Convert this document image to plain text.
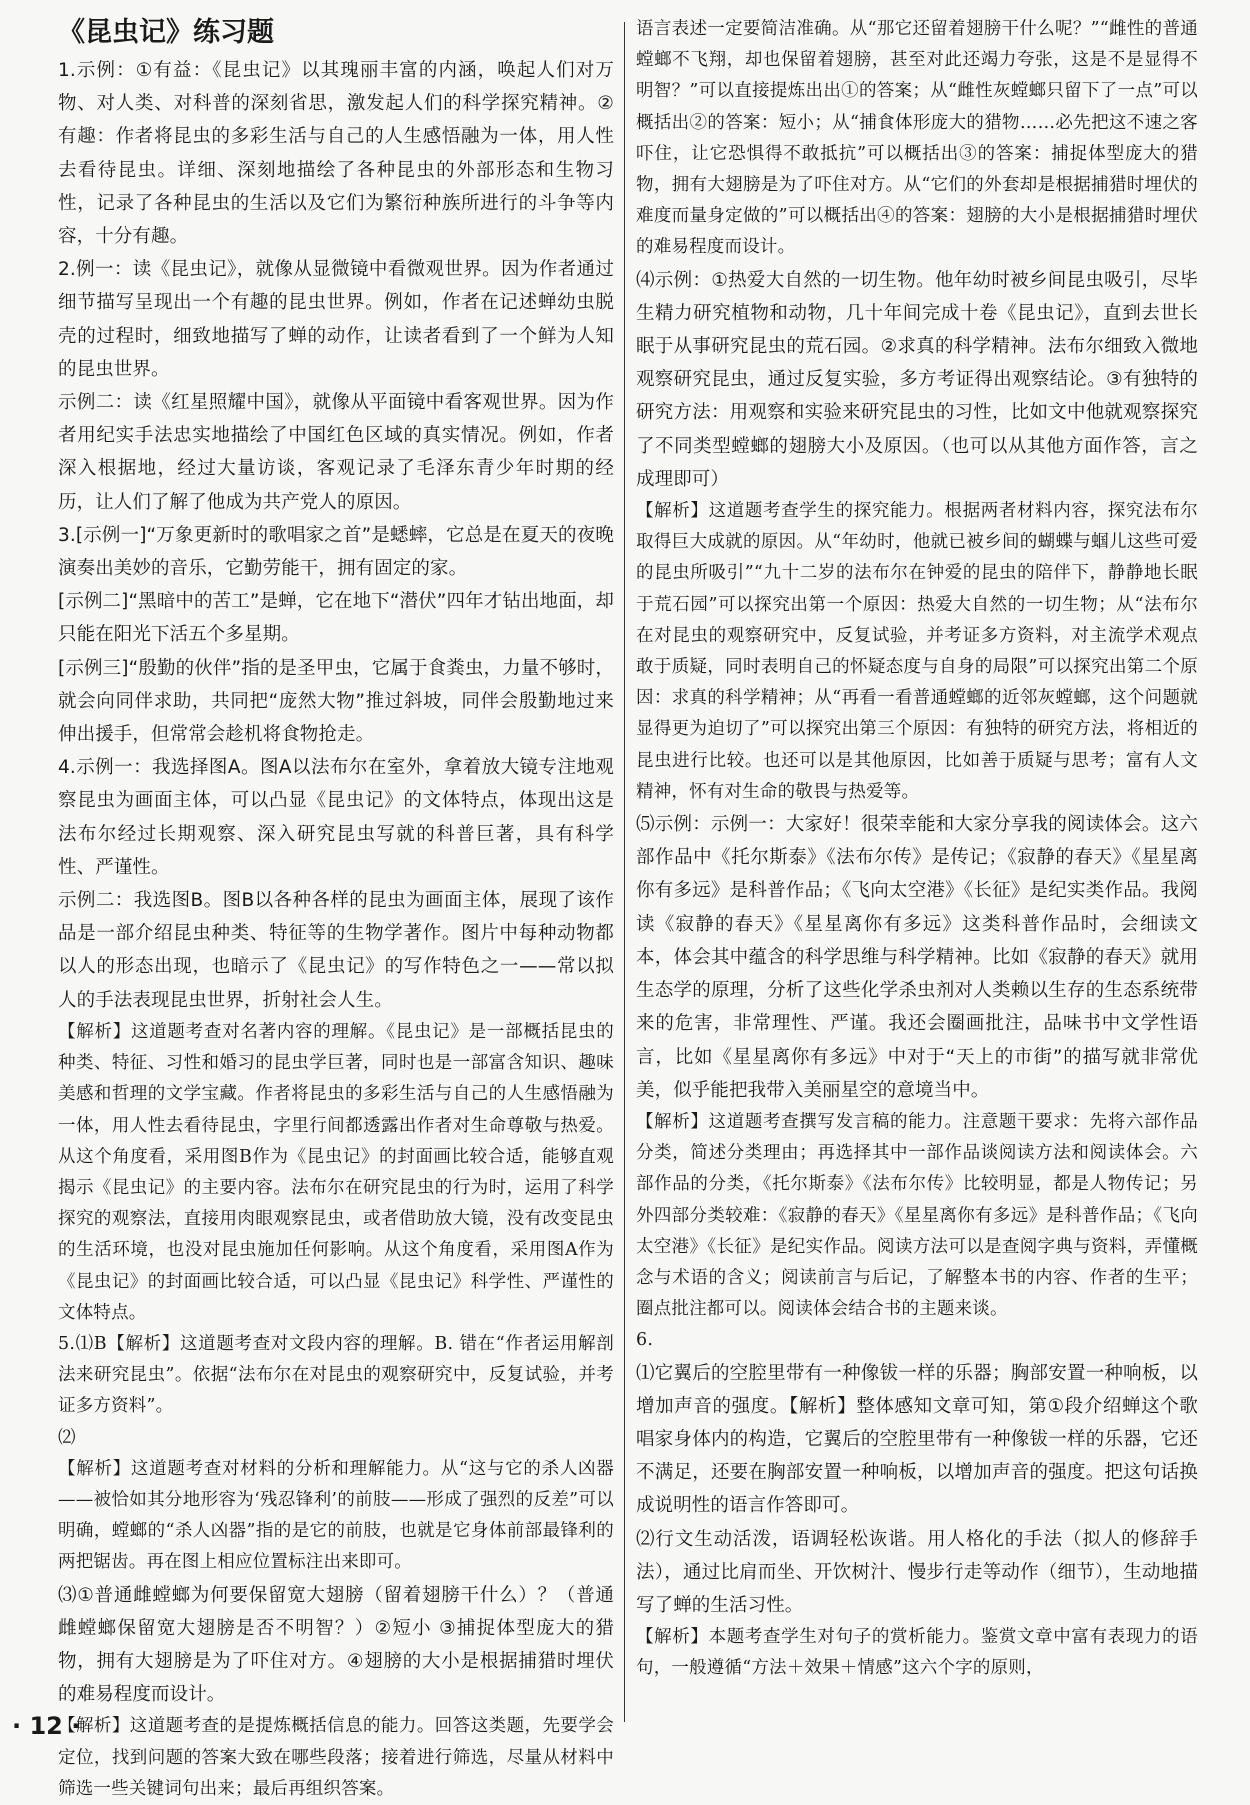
《昆虫记》练习题

1.示例：①有益：《昆虫记》以其瑰丽丰富的内涵，唤起人们对万物、对人类、对科普的深刻省思，激发起人们的科学探究精神。②有趣：作者将昆虫的多彩生活与自己的人生感悟融为一体，用人性去看待昆虫。详细、深刻地描绘了各种昆虫的外部形态和生物习性，记录了各种昆虫的生活以及它们为繁衍种族所进行的斗争等内容，十分有趣。

2.例一：读《昆虫记》，就像从显微镜中看微观世界。因为作者通过细节描写呈现出一个有趣的昆虫世界。例如，作者在记述蝉幼虫脱壳的过程时，细致地描写了蝉的动作，让读者看到了一个鲜为人知的昆虫世界。

示例二：读《红星照耀中国》，就像从平面镜中看客观世界。因为作者用纪实手法忠实地描绘了中国红色区域的真实情况。例如，作者深入根据地，经过大量访谈，客观记录了毛泽东青少年时期的经历，让人们了解了他成为共产党人的原因。

3.[示例一]“万象更新时的歌唱家之首”是蟋蟀，它总是在夏天的夜晚演奏出美妙的音乐，它勤劳能干，拥有固定的家。

[示例二]“黑暗中的苦工”是蝉，它在地下“潜伏”四年才钻出地面，却只能在阳光下活五个多星期。

[示例三]“殷勤的伙伴”指的是圣甲虫，它属于食粪虫，力量不够时，就会向同伴求助，共同把“庞然大物”推过斜坡，同伴会殷勤地过来伸出援手，但常常会趁机将食物抢走。

4.示例一：我选择图A。图A以法布尔在室外，拿着放大镜专注地观察昆虫为画面主体，可以凸显《昆虫记》的文体特点，体现出这是法布尔经过长期观察、深入研究昆虫写就的科普巨著，具有科学性、严谨性。

示例二：我选图B。图B以各种各样的昆虫为画面主体，展现了该作品是一部介绍昆虫种类、特征等的生物学著作。图片中每种动物都以人的形态出现，也暗示了《昆虫记》的写作特色之一——常以拟人的手法表现昆虫世界，折射社会人生。

【解析】这道题考查对名著内容的理解。《昆虫记》是一部概括昆虫的种类、特征、习性和婚习的昆虫学巨著，同时也是一部富含知识、趣味美感和哲理的文学宝藏。作者将昆虫的多彩生活与自己的人生感悟融为一体，用人性去看待昆虫，字里行间都透露出作者对生命尊敬与热爱。从这个角度看，采用图B作为《昆虫记》的封面画比较合适，能够直观揭示《昆虫记》的主要内容。法布尔在研究昆虫的行为时，运用了科学探究的观察法，直接用肉眼观察昆虫，或者借助放大镜，没有改变昆虫的生活环境，也没对昆虫施加任何影响。从这个角度看，采用图A作为《昆虫记》的封面画比较合适，可以凸显《昆虫记》科学性、严谨性的文体特点。

5.⑴B【解析】这道题考查对文段内容的理解。B. 错在“作者运用解剖法来研究昆虫”。依据“法布尔在对昆虫的观察研究中，反复试验，并考证多方资料”。

⑵

【解析】这道题考查对材料的分析和理解能力。从“这与它的杀人凶器——被恰如其分地形容为‘残忍锋利’的前肢——形成了强烈的反差”可以明确，螳螂的“杀人凶器”指的是它的前肢，也就是它身体前部最锋利的两把锯齿。再在图上相应位置标注出来即可。

⑶①普通雌螳螂为何要保留宽大翅膀（留着翅膀干什么）？（普通雌螳螂保留宽大翅膀是否不明智？）②短小 ③捕捉体型庞大的猎物，拥有大翅膀是为了吓住对方。④翅膀的大小是根据捕猎时埋伏的难易程度而设计。

【解析】这道题考查的是提炼概括信息的能力。回答这类题，先要学会定位，找到问题的答案大致在哪些段落；接着进行筛选，尽量从材料中筛选一些关键词句出来；最后再组织答案。

语言表述一定要简洁准确。从“那它还留着翅膀干什么呢？”“雌性的普通螳螂不飞翔，却也保留着翅膀，甚至对此还竭力夸张，这是不是显得不明智？”可以直接提炼出出①的答案；从“雌性灰螳螂只留下了一点”可以概括出②的答案：短小；从“捕食体形庞大的猎物……必先把这不速之客吓住，让它恐惧得不敢抵抗”可以概括出③的答案：捕捉体型庞大的猎物，拥有大翅膀是为了吓住对方。从“它们的外套却是根据捕猎时埋伏的难度而量身定做的”可以概括出④的答案：翅膀的大小是根据捕猎时埋伏的难易程度而设计。

⑷示例：①热爱大自然的一切生物。他年幼时被乡间昆虫吸引，尽毕生精力研究植物和动物，几十年间完成十卷《昆虫记》，直到去世长眠于从事研究昆虫的荒石园。②求真的科学精神。法布尔细致入微地观察研究昆虫，通过反复实验，多方考证得出观察结论。③有独特的研究方法：用观察和实验来研究昆虫的习性，比如文中他就观察探究了不同类型螳螂的翅膀大小及原因。（也可以从其他方面作答，言之成理即可）

【解析】这道题考查学生的探究能力。根据两者材料内容，探究法布尔取得巨大成就的原因。从“年幼时，他就已被乡间的蝴蝶与蝈儿这些可爱的昆虫所吸引”“九十二岁的法布尔在钟爱的昆虫的陪伴下，静静地长眠于荒石园”可以探究出第一个原因：热爱大自然的一切生物；从“法布尔在对昆虫的观察研究中，反复试验，并考证多方资料，对主流学术观点敢于质疑，同时表明自己的怀疑态度与自身的局限”可以探究出第二个原因：求真的科学精神；从“再看一看普通螳螂的近邻灰螳螂，这个问题就显得更为迫切了”可以探究出第三个原因：有独特的研究方法，将相近的昆虫进行比较。也还可以是其他原因，比如善于质疑与思考；富有人文精神，怀有对生命的敬畏与热爱等。

⑸示例：示例一：大家好！很荣幸能和大家分享我的阅读体会。这六部作品中《托尔斯泰》《法布尔传》是传记；《寂静的春天》《星星离你有多远》是科普作品；《飞向太空港》《长征》是纪实类作品。我阅读《寂静的春天》《星星离你有多远》这类科普作品时，会细读文本，体会其中蕴含的科学思维与科学精神。比如《寂静的春天》就用生态学的原理，分析了这些化学杀虫剂对人类赖以生存的生态系统带来的危害，非常理性、严谨。我还会圈画批注，品味书中文学性语言，比如《星星离你有多远》中对于“天上的市街”的描写就非常优美，似乎能把我带入美丽星空的意境当中。

【解析】这道题考查撰写发言稿的能力。注意题干要求：先将六部作品分类，简述分类理由；再选择其中一部作品谈阅读方法和阅读体会。六部作品的分类，《托尔斯泰》《法布尔传》比较明显，都是人物传记；另外四部分类较难：《寂静的春天》《星星离你有多远》是科普作品；《飞向太空港》《长征》是纪实作品。阅读方法可以是查阅字典与资料，弄懂概念与术语的含义；阅读前言与后记，了解整本书的内容、作者的生平；圈点批注都可以。阅读体会结合书的主题来谈。

6.

⑴它翼后的空腔里带有一种像钹一样的乐器；胸部安置一种响板，以增加声音的强度。【解析】整体感知文章可知，第①段介绍蝉这个歌唱家身体内的构造，它翼后的空腔里带有一种像钹一样的乐器，它还不满足，还要在胸部安置一种响板，以增加声音的强度。把这句话换成说明性的语言作答即可。

⑵行文生动活泼，语调轻松诙谐。用人格化的手法（拟人的修辞手法），通过比肩而坐、开饮树汁、慢步行走等动作（细节），生动地描写了蝉的生活习性。

【解析】本题考查学生对句子的赏析能力。鉴赏文章中富有表现力的语句，一般遵循“方法＋效果＋情感”这六个字的原则，

· 12 ·
